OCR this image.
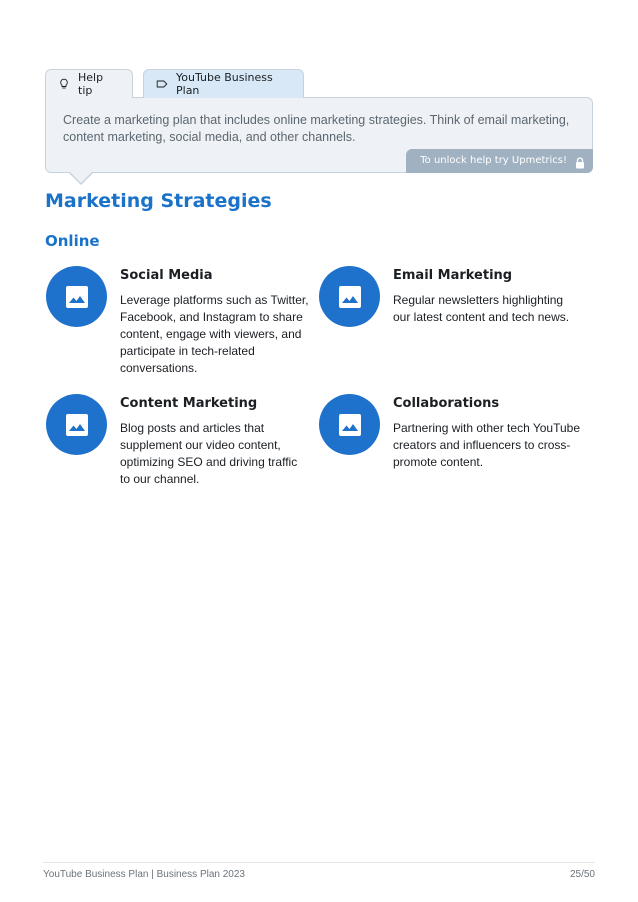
Help tip
YouTube Business Plan

Create a marketing plan that includes online marketing strategies. Think of email marketing, content marketing, social media, and other channels.

To unlock help try Upmetrics!
Marketing Strategies
Online
Social Media
Leverage platforms such as Twitter, Facebook, and Instagram to share content, engage with viewers, and participate in tech-related conversations.
Email Marketing
Regular newsletters highlighting our latest content and tech news.
Content Marketing
Blog posts and articles that supplement our video content, optimizing SEO and driving traffic to our channel.
Collaborations
Partnering with other tech YouTube creators and influencers to cross-promote content.
YouTube Business Plan | Business Plan 2023	25/50
